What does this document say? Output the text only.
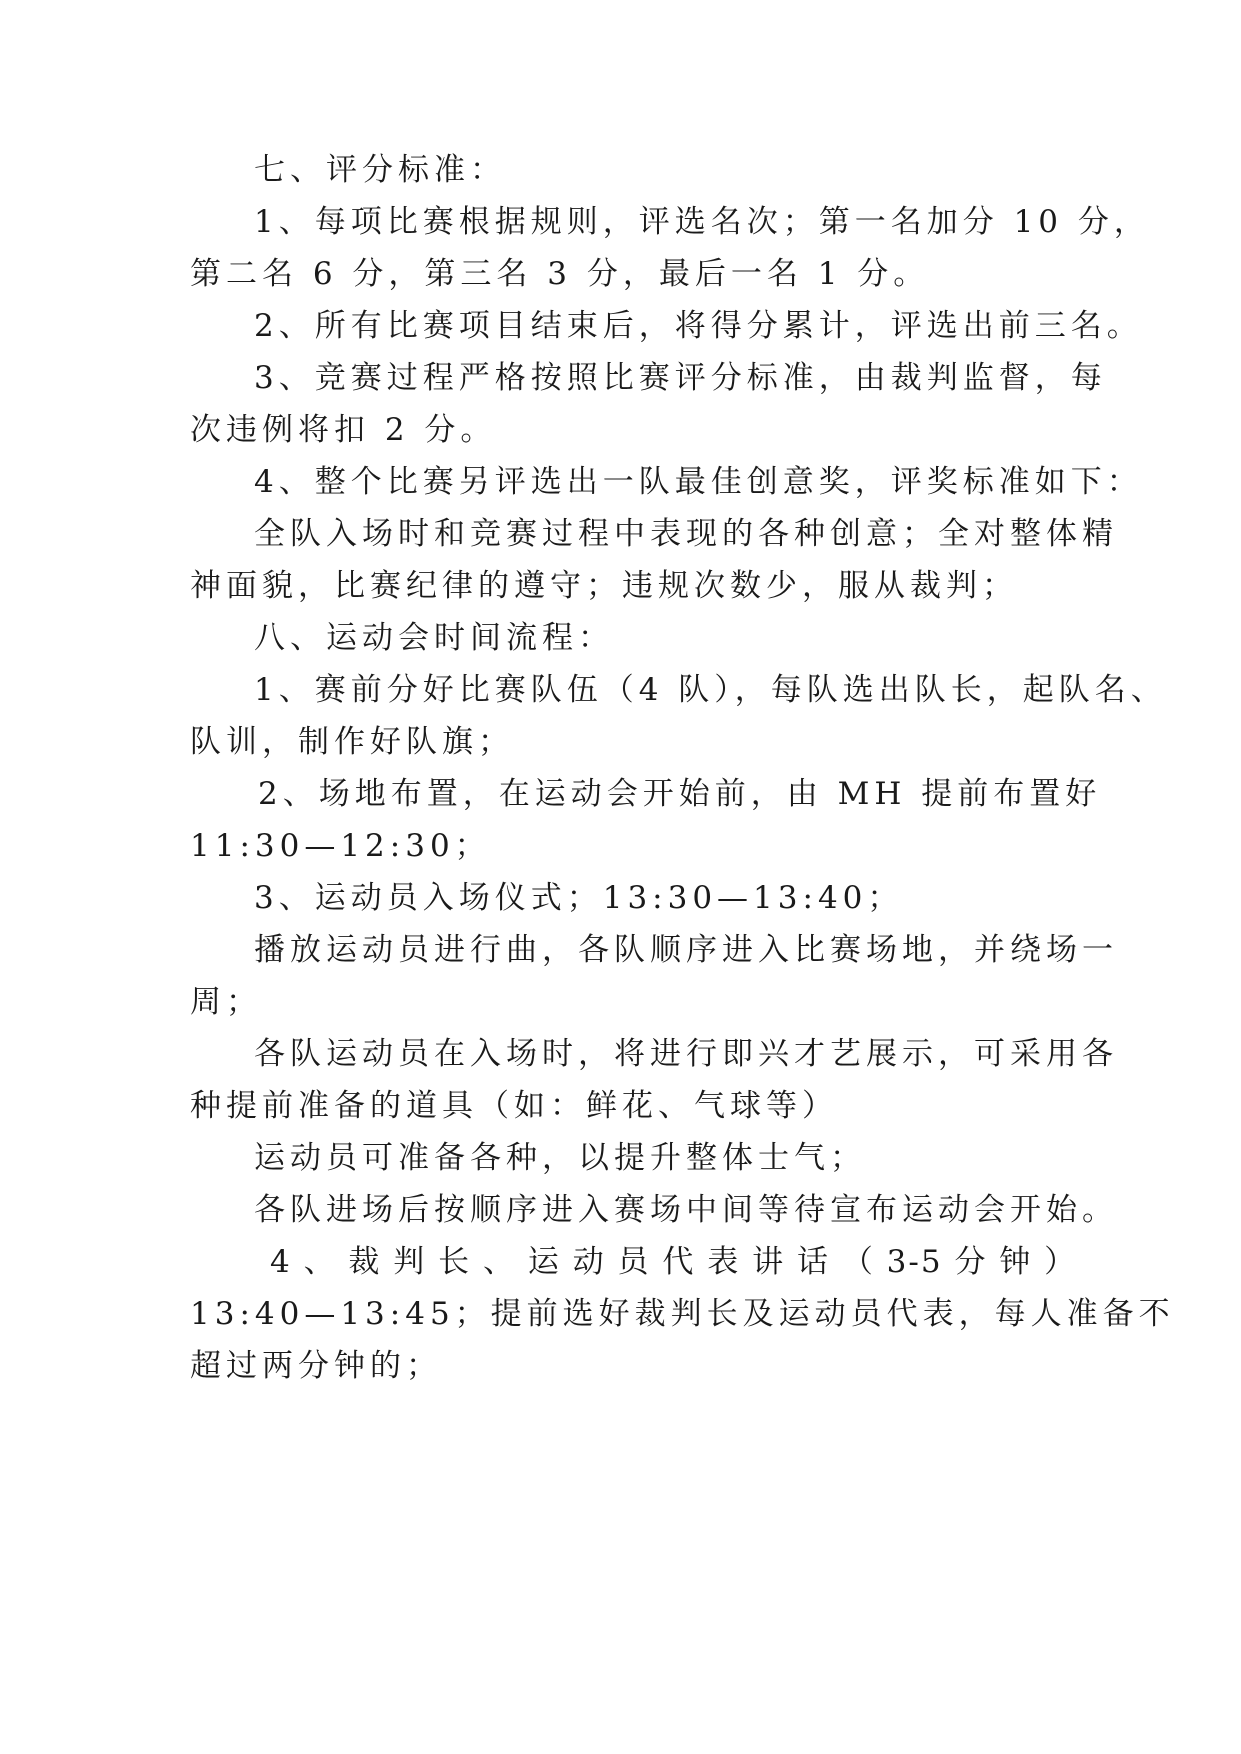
七、评分标准：
1、每项比赛根据规则，评选名次；第一名加分 10 分，
第二名 6 分，第三名 3 分，最后一名 1 分。
2、所有比赛项目结束后，将得分累计，评选出前三名。
3、竞赛过程严格按照比赛评分标准，由裁判监督，每
次违例将扣 2 分。
4、整个比赛另评选出一队最佳创意奖，评奖标准如下：
全队入场时和竞赛过程中表现的各种创意；全对整体精
神面貌，比赛纪律的遵守；违规次数少，服从裁判；
八、运动会时间流程：
1、赛前分好比赛队伍（4 队），每队选出队长，起队名、
队训，制作好队旗；
2、场地布置，在运动会开始前，由 MH 提前布置好
11:30—12:30；
3、运动员入场仪式；13:30—13:40；
播放运动员进行曲，各队顺序进入比赛场地，并绕场一
周；
各队运动员在入场时，将进行即兴才艺展示，可采用各
种提前准备的道具（如：鲜花、气球等）
运动员可准备各种，以提升整体士气；
各队进场后按顺序进入赛场中间等待宣布运动会开始。
4 、 裁 判 长 、 运 动 员 代 表 讲 话 （ 3-5 分 钟 ）
13:40—13:45；提前选好裁判长及运动员代表，每人准备不
超过两分钟的；
